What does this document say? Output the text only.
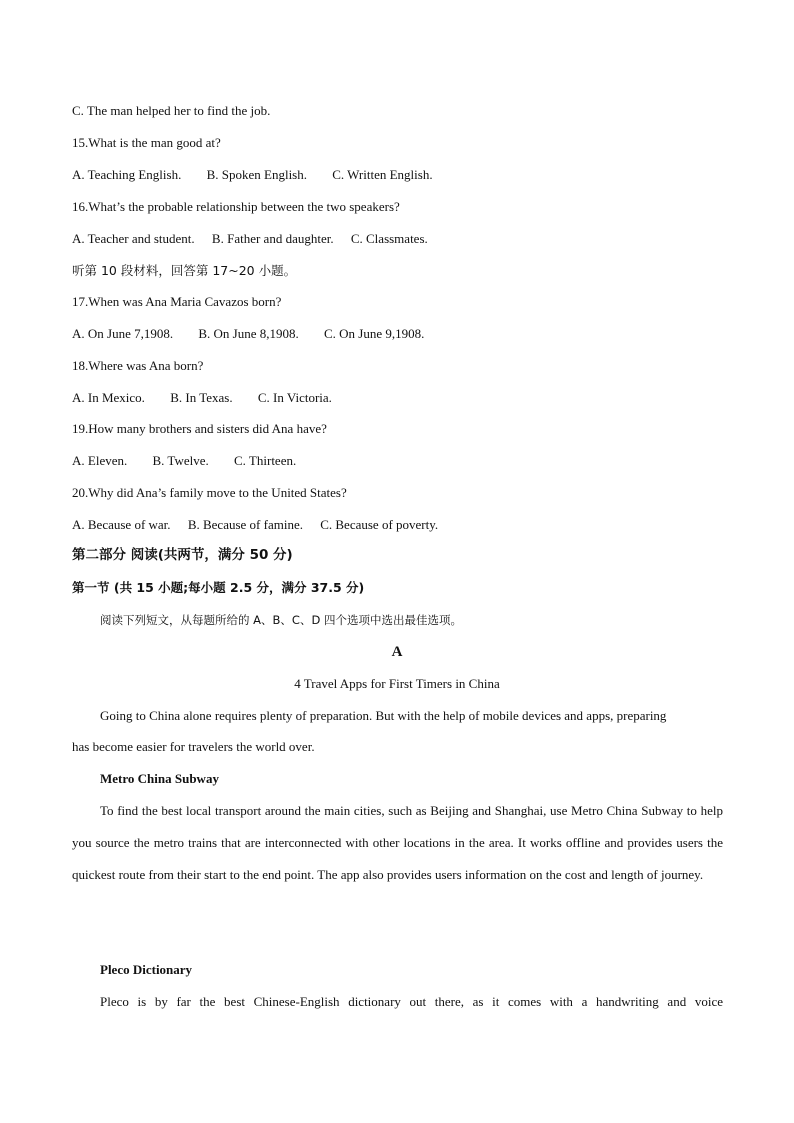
C. The man helped her to find the job.
15.What is the man good at?
A. Teaching English. B. Spoken English. C. Written English.
16.What’s the probable relationship between the two speakers?
A. Teacher and student. B. Father and daughter. C. Classmates.
听第 10 段材料，回答第 17~20 小题。
17.When was Ana Maria Cavazos born?
A. On June 7,1908. B. On June 8,1908. C. On June 9,1908.
18.Where was Ana born?
A. In Mexico. B. In Texas. C. In Victoria.
19.How many brothers and sisters did Ana have?
A. Eleven. B. Twelve. C. Thirteen.
20.Why did Ana’s family move to the United States?
A. Because of war. B. Because of famine. C. Because of poverty.
第二部分 阅读(共两节，满分 50 分)
第一节 (共 15 小题;每小题 2.5 分，满分 37.5 分)
阅读下列短文，从每题所给的 A、B、C、D 四个选项中选出最佳选项。
A
4 Travel Apps for First Timers in China
Going to China alone requires plenty of preparation. But with the help of mobile devices and apps, preparing
has become easier for travelers the world over.
Metro China Subway
To find the best local transport around the main cities, such as Beijing and Shanghai, use Metro China Subway to help you source the metro trains that are interconnected with other locations in the area. It works offline and provides users the quickest route from their start to the end point. The app also provides users information on the cost and length of journey.
Pleco Dictionary
Pleco is by far the best Chinese-English dictionary out there, as it comes with a handwriting and voice
